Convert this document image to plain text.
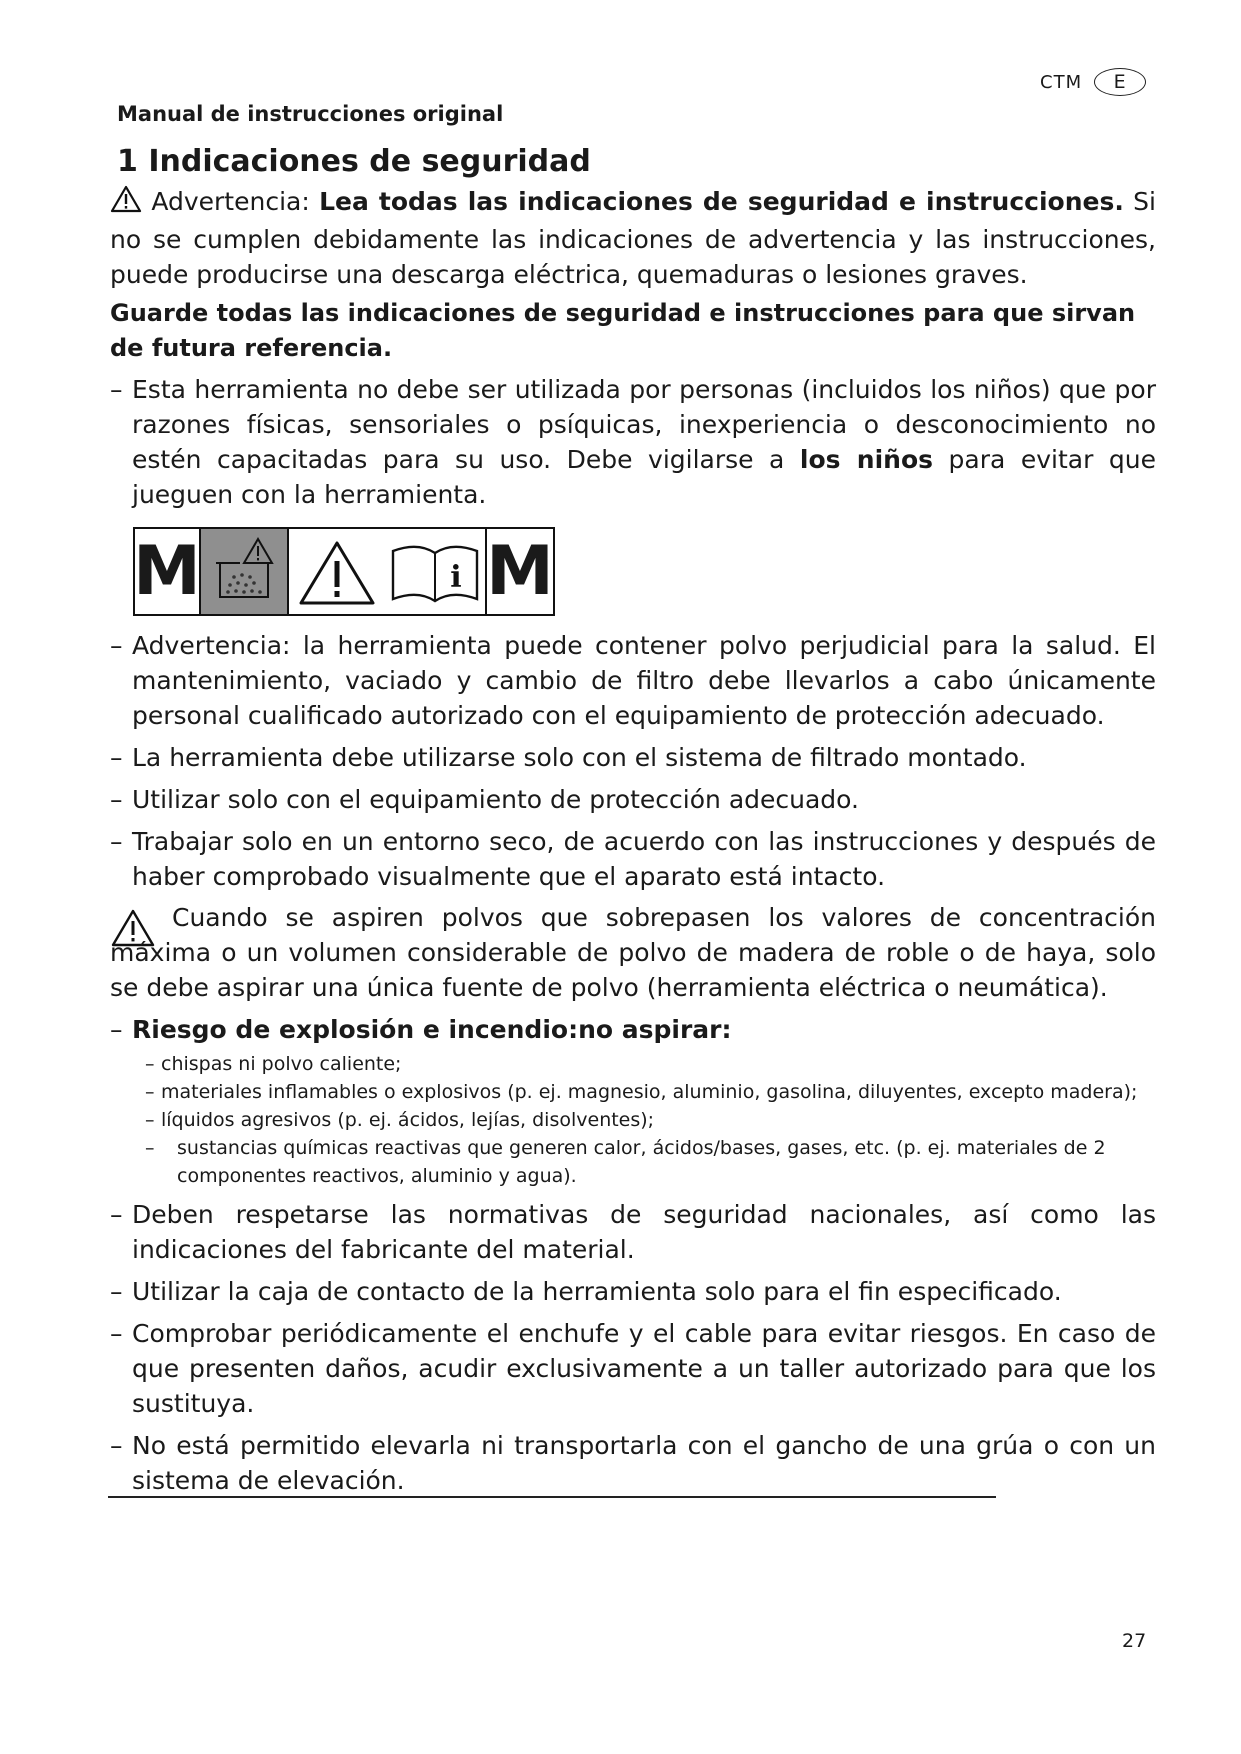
CTM	E
Manual de instrucciones original
1 Indicaciones de seguridad
Advertencia: Lea todas las indicaciones de seguridad e instrucciones. Si no se cumplen debidamente las indicaciones de advertencia y las instrucciones, puede producirse una descarga eléctrica, quemaduras o lesiones graves.
Guarde todas las indicaciones de seguridad e instrucciones para que sirvan de futura referencia.
– Esta herramienta no debe ser utilizada por personas (incluidos los niños) que por razones físicas, sensoriales o psíquicas, inexperiencia o desconocimiento no estén capacitadas para su uso. Debe vigilarse a los niños para evitar que jueguen con la herramienta.
M	i M
– Advertencia: la herramienta puede contener polvo perjudicial para la salud. El mantenimiento, vaciado y cambio de filtro debe llevarlos a cabo únicamente personal cualificado autorizado con el equipamiento de protección adecuado.
– La herramienta debe utilizarse solo con el sistema de filtrado montado.
– Utilizar solo con el equipamiento de protección adecuado.
– Trabajar solo en un entorno seco, de acuerdo con las instrucciones y después de haber comprobado visualmente que el aparato está intacto.
Cuando se aspiren polvos que sobrepasen los valores de concentración máxima o un volumen considerable de polvo de madera de roble o de haya, solo se debe aspirar una única fuente de polvo (herramienta eléctrica o neumática).
– Riesgo de explosión e incendio:no aspirar:
– chispas ni polvo caliente;
– materiales inflamables o explosivos (p. ej. magnesio, aluminio, gasolina, diluyentes, excepto madera);
– líquidos agresivos (p. ej. ácidos, lejías, disolventes);
– sustancias químicas reactivas que generen calor, ácidos/bases, gases, etc. (p. ej. materiales de 2 componentes reactivos, aluminio y agua).
– Deben respetarse las normativas de seguridad nacionales, así como las indicaciones del fabricante del material.
– Utilizar la caja de contacto de la herramienta solo para el fin especificado.
– Comprobar periódicamente el enchufe y el cable para evitar riesgos. En caso de que presenten daños, acudir exclusivamente a un taller autorizado para que los sustituya.
– No está permitido elevarla ni transportarla con el gancho de una grúa o con un sistema de elevación.
27
